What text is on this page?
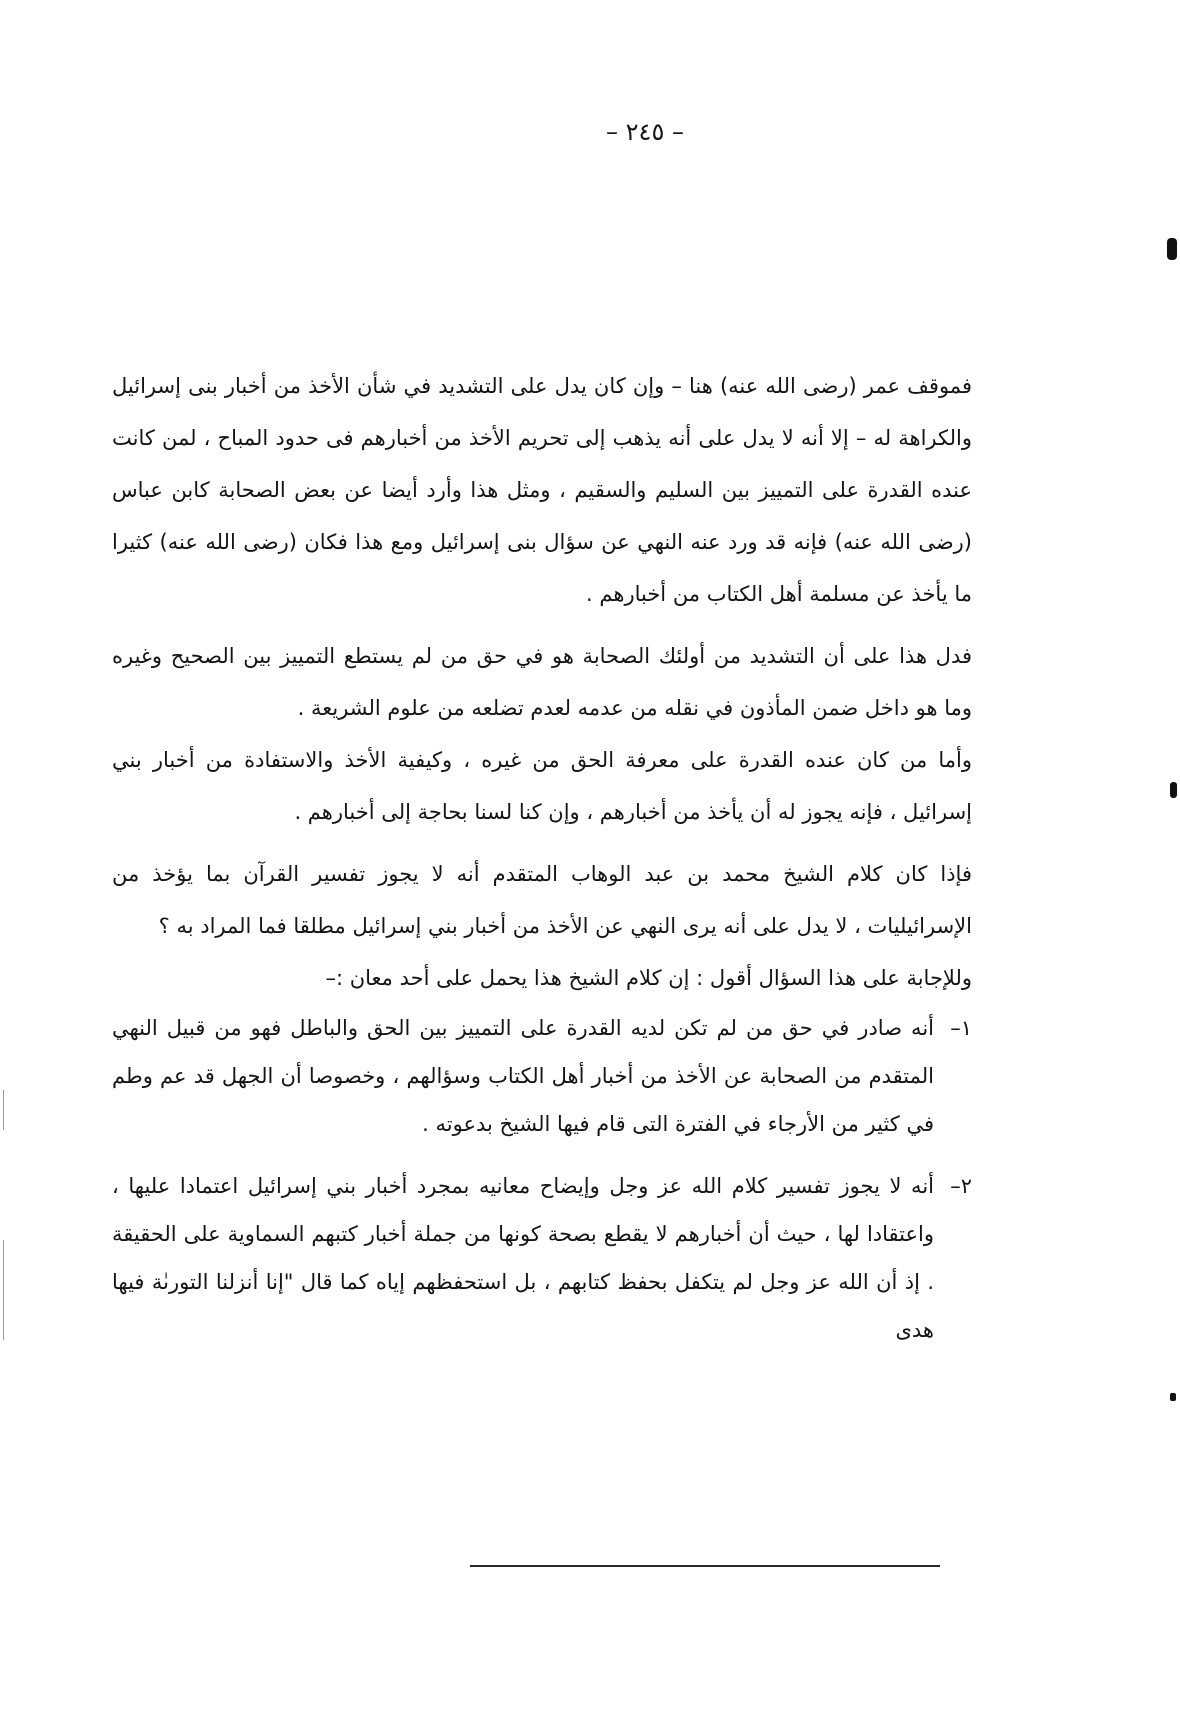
– ٢٤٥ –

فموقف عمر (رضى الله عنه) هنا – وإن كان يدل على التشديد في شأن الأخذ من أخبار بنى إسرائيل والكراهة له – إلا أنه لا يدل على أنه يذهب إلى تحريم الأخذ من أخبارهم فى حدود المباح ، لمن كانت عنده القدرة على التمييز بين السليم والسقيم ، ومثل هذا وأرد أيضا عن بعض الصحابة كابن عباس (رضى الله عنه) فإنه قد ورد عنه النهي عن سؤال بنى إسرائيل ومع هذا فكان (رضى الله عنه) كثيرا ما يأخذ عن مسلمة أهل الكتاب من أخبارهم .

فدل هذا على أن التشديد من أولئك الصحابة هو في حق من لم يستطع التمييز بين الصحيح وغيره وما هو داخل ضمن المأذون في نقله من عدمه لعدم تضلعه من علوم الشريعة .

وأما من كان عنده القدرة على معرفة الحق من غيره ، وكيفية الأخذ والاستفادة من أخبار بني إسرائيل ، فإنه يجوز له أن يأخذ من أخبارهم ، وإن كنا لسنا بحاجة إلى أخبارهم .

فإذا كان كلام الشيخ محمد بن عبد الوهاب المتقدم أنه لا يجوز تفسير القرآن بما يؤخذ من الإسرائيليات ، لا يدل على أنه يرى النهي عن الأخذ من أخبار بني إسرائيل مطلقا فما المراد به ؟

وللإجابة على هذا السؤال أقول : إن كلام الشيخ هذا يحمل على أحد معان :–

١–
أنه صادر في حق من لم تكن لديه القدرة على التمييز بين الحق والباطل فهو من قبيل النهي المتقدم من الصحابة عن الأخذ من أخبار أهل الكتاب وسؤالهم ، وخصوصا أن الجهل قد عم وطم في كثير من الأرجاء في الفترة التى قام فيها الشيخ بدعوته .
٢–
أنه لا يجوز تفسير كلام الله عز وجل وإيضاح معانيه بمجرد أخبار بني إسرائيل اعتمادا عليها ، واعتقادا لها ، حيث أن أخبارهم لا يقطع بصحة كونها من جملة أخبار كتبهم السماوية على الحقيقة . إذ أن الله عز وجل لم يتكفل بحفظ كتابهم ، بل استحفظهم إياه كما قال "إنا أنزلنا التورىٰة فيها هدى
